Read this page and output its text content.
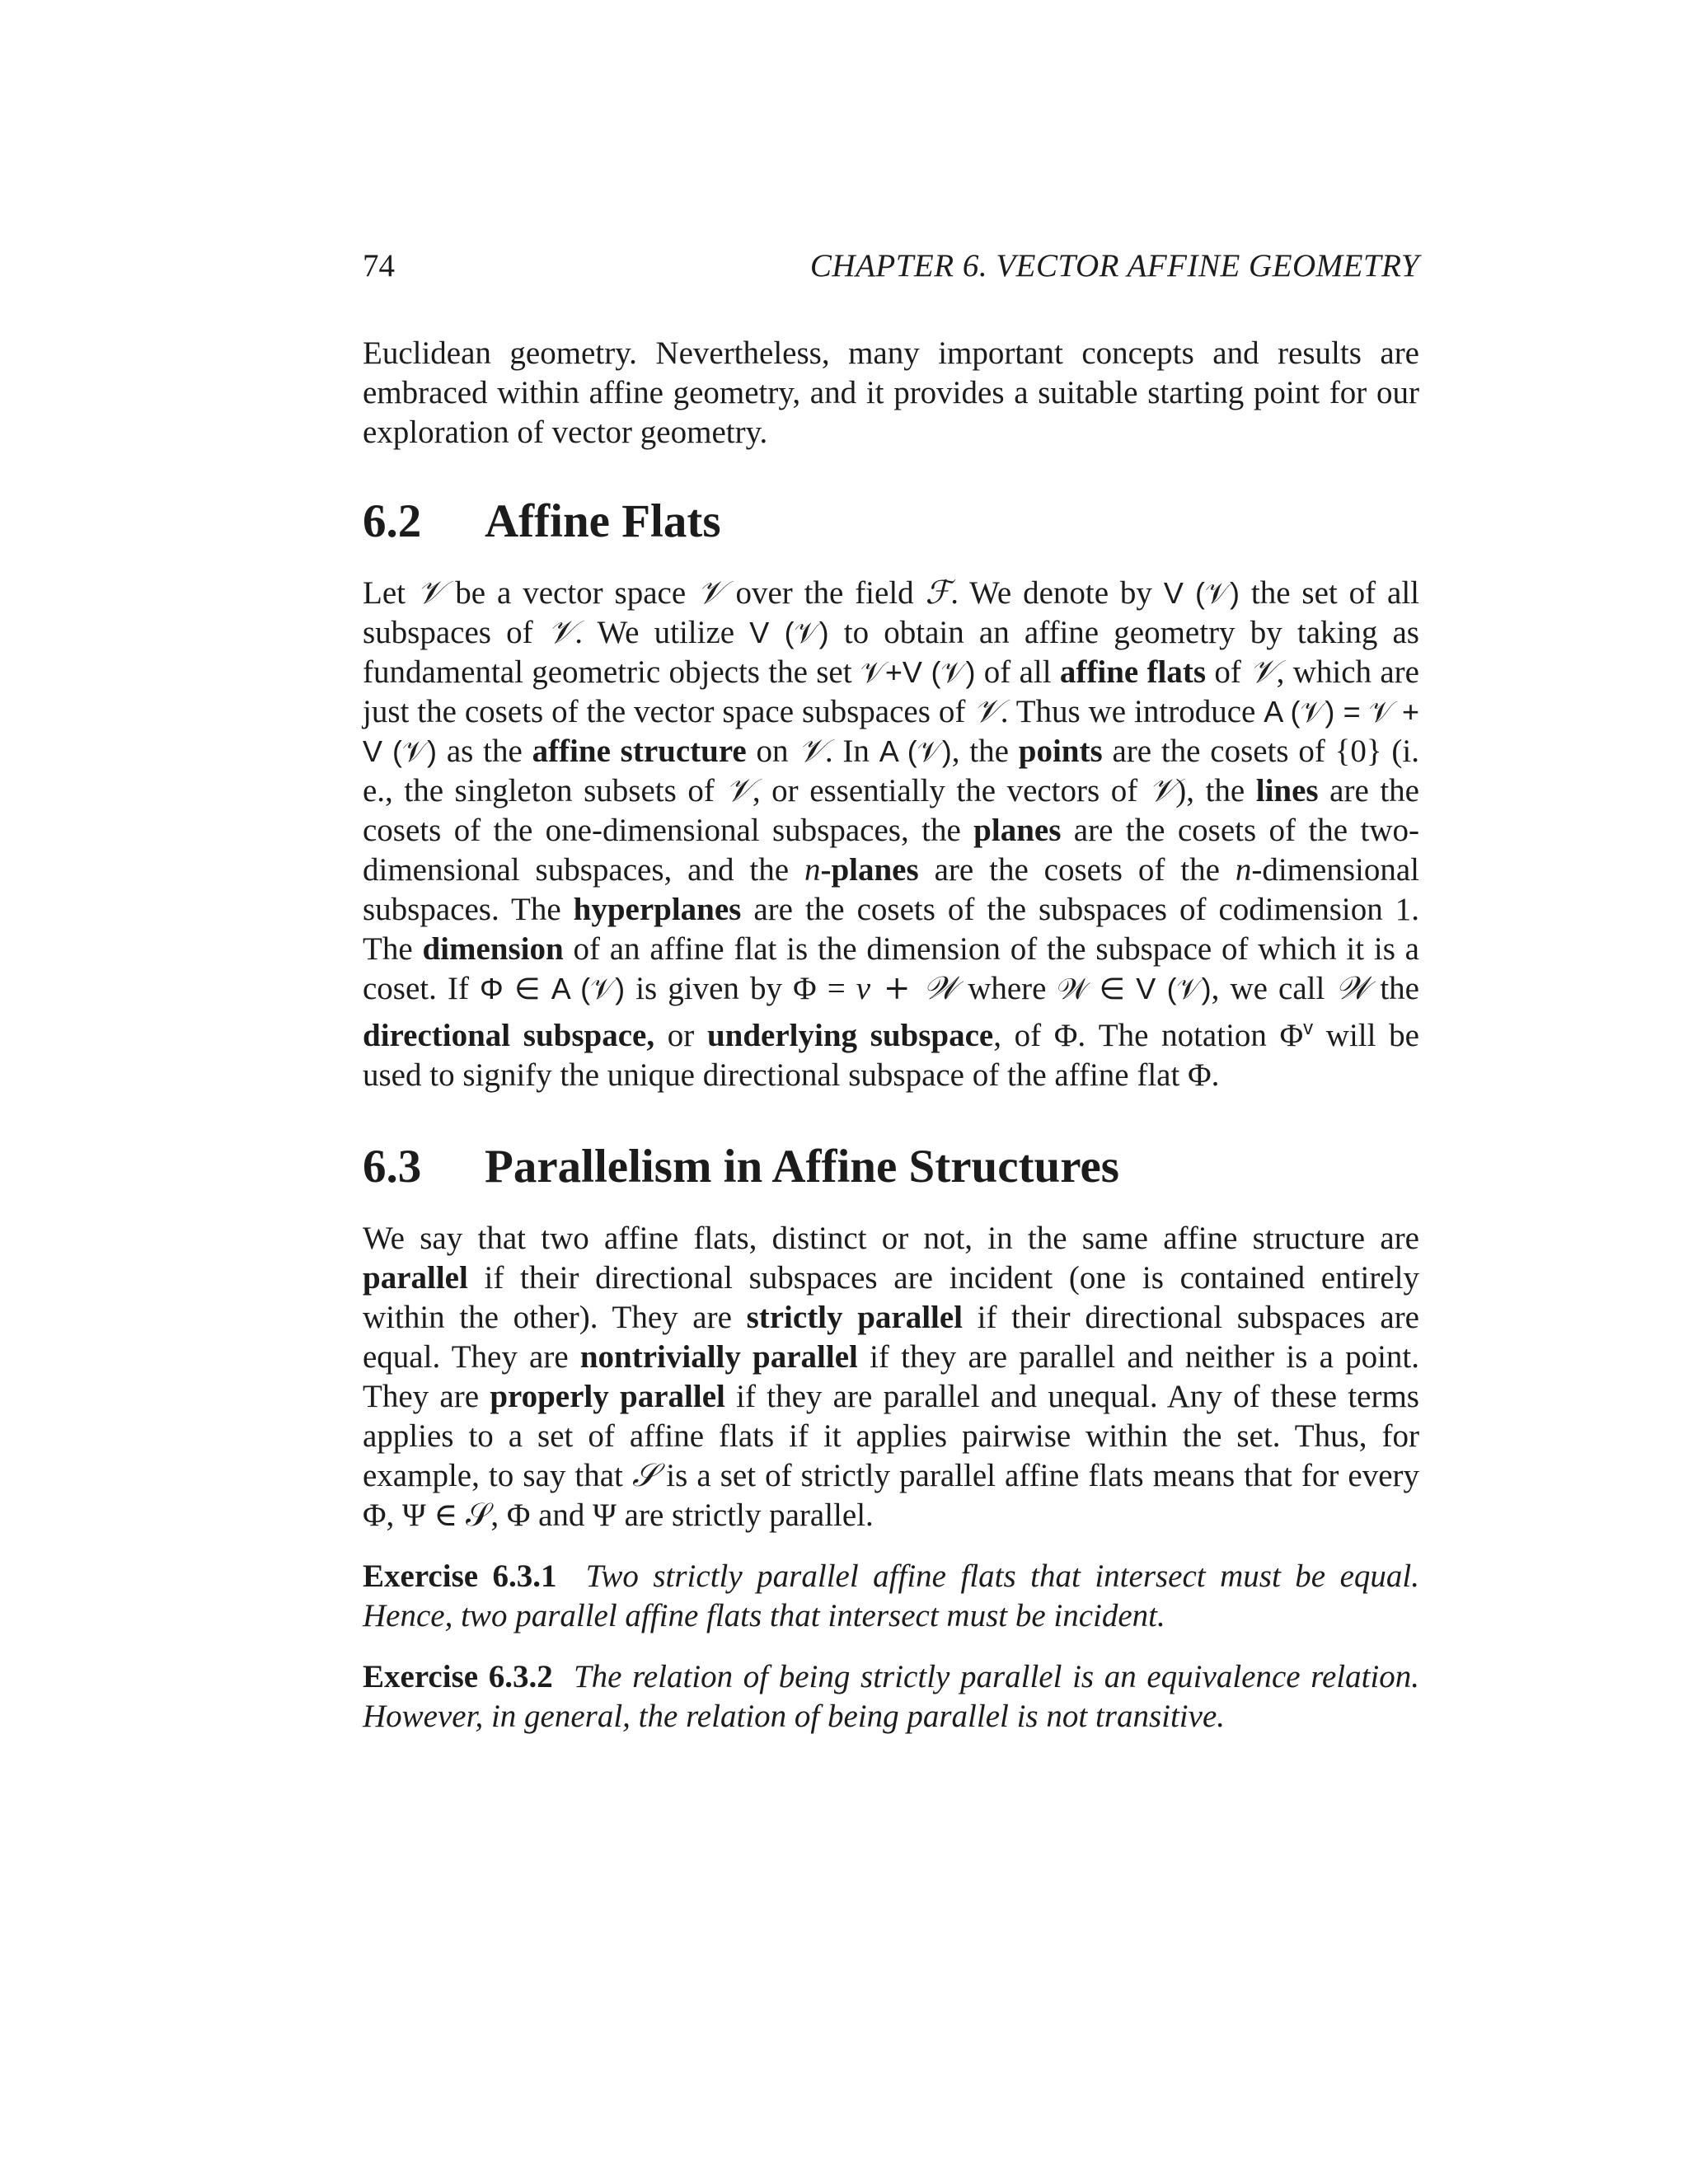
74	CHAPTER 6. VECTOR AFFINE GEOMETRY

Euclidean geometry. Nevertheless, many important concepts and results are embraced within affine geometry, and it provides a suitable starting point for our exploration of vector geometry.

6.2 Affine Flats

Let 𝒱 be a vector space 𝒱 over the field ℱ. We denote by V (𝒱) the set of all subspaces of 𝒱. We utilize V (𝒱) to obtain an affine geometry by taking as fundamental geometric objects the set 𝒱+V (𝒱) of all affine flats of 𝒱, which are just the cosets of the vector space subspaces of 𝒱. Thus we introduce A (𝒱) = 𝒱 + V (𝒱) as the affine structure on 𝒱. In A (𝒱), the points are the cosets of {0} (i. e., the singleton subsets of 𝒱, or essentially the vectors of 𝒱), the lines are the cosets of the one-dimensional subspaces, the planes are the cosets of the two-dimensional subspaces, and the n-planes are the cosets of the n-dimensional subspaces. The hyperplanes are the cosets of the subspaces of codimension 1. The dimension of an affine flat is the dimension of the subspace of which it is a coset. If Φ ∈ A (𝒱) is given by Φ = v + 𝒲 where 𝒲 ∈ V (𝒱), we call 𝒲 the directional subspace, or underlying subspace, of Φ. The notation $\Phi^v$ will be used to signify the unique directional subspace of the affine flat Φ.

6.3 Parallelism in Affine Structures

We say that two affine flats, distinct or not, in the same affine structure are parallel if their directional subspaces are incident (one is contained entirely within the other). They are strictly parallel if their directional subspaces are equal. They are nontrivially parallel if they are parallel and neither is a point. They are properly parallel if they are parallel and unequal. Any of these terms applies to a set of affine flats if it applies pairwise within the set. Thus, for example, to say that 𝒮 is a set of strictly parallel affine flats means that for every Φ, Ψ ∈ 𝒮, Φ and Ψ are strictly parallel.

Exercise 6.3.1 Two strictly parallel affine flats that intersect must be equal. Hence, two parallel affine flats that intersect must be incident.

Exercise 6.3.2 The relation of being strictly parallel is an equivalence relation. However, in general, the relation of being parallel is not transitive.
